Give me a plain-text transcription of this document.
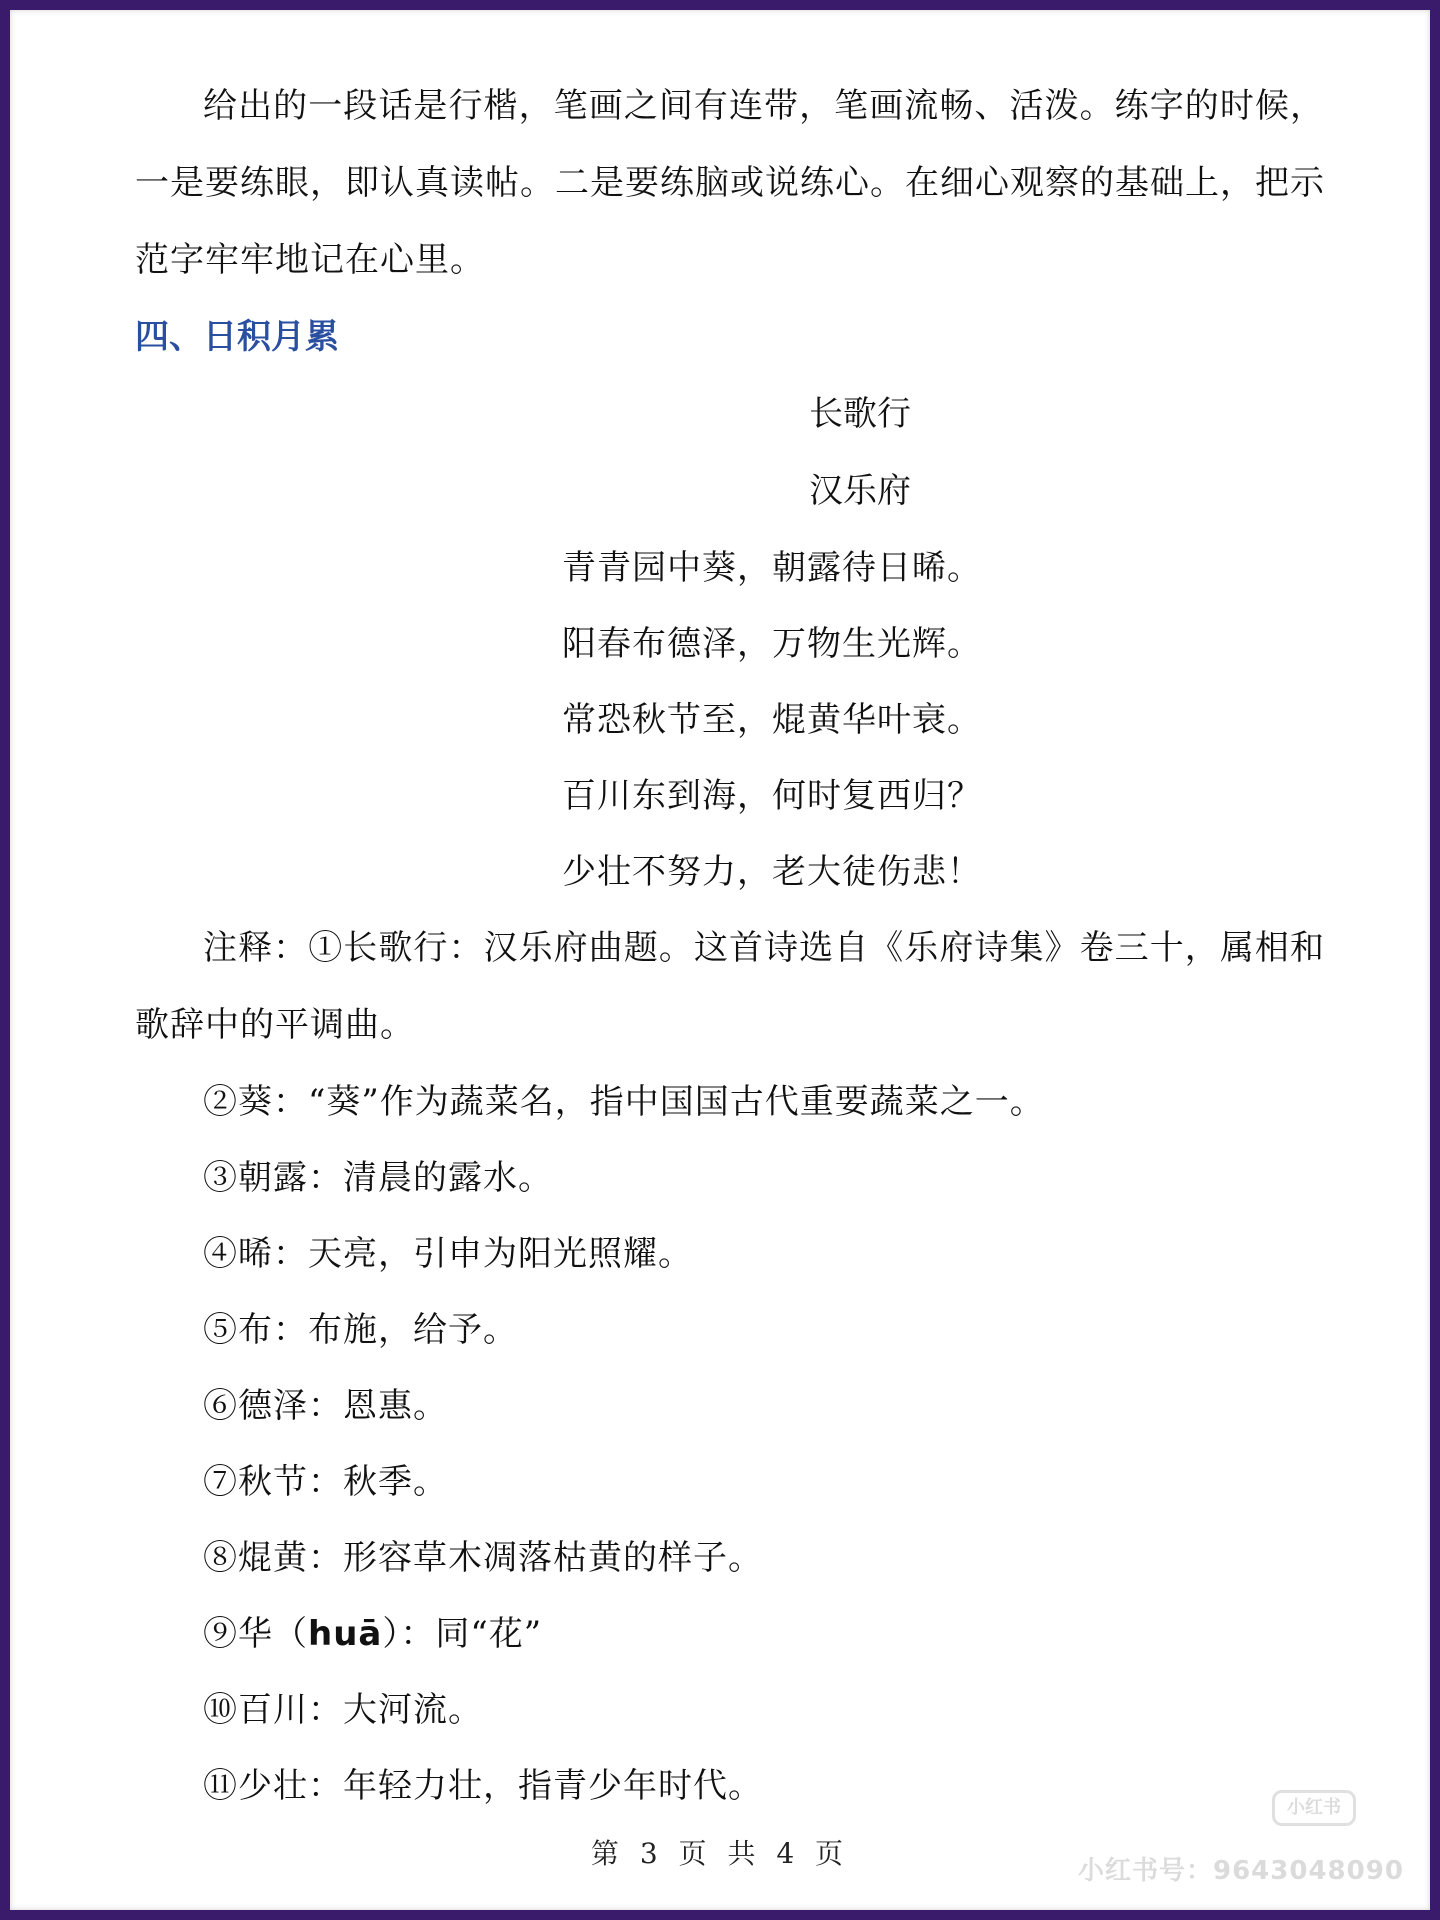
给出的一段话是行楷，笔画之间有连带，笔画流畅、活泼。练字的时候，一是要练眼，即认真读帖。二是要练脑或说练心。在细心观察的基础上，把示范字牢牢地记在心里。

四、日积月累
长歌行
汉乐府
青青园中葵，朝露待日晞。
阳春布德泽，万物生光辉。
常恐秋节至，焜黄华叶衰。
百川东到海，何时复西归？
少壮不努力，老大徒伤悲！

注释：①长歌行：汉乐府曲题。这首诗选自《乐府诗集》卷三十，属相和歌辞中的平调曲。

②葵：“葵”作为蔬菜名，指中国国古代重要蔬菜之一。
③朝露：清晨的露水。
④晞：天亮，引申为阳光照耀。
⑤布：布施，给予。
⑥德泽：恩惠。
⑦秋节：秋季。
⑧焜黄：形容草木凋落枯黄的样子。
⑨华（huā）：同“花”
⑩百川：大河流。
⑪少壮：年轻力壮，指青少年时代。
第 3 页 共 4 页
小红书
小红书号：9643048090
